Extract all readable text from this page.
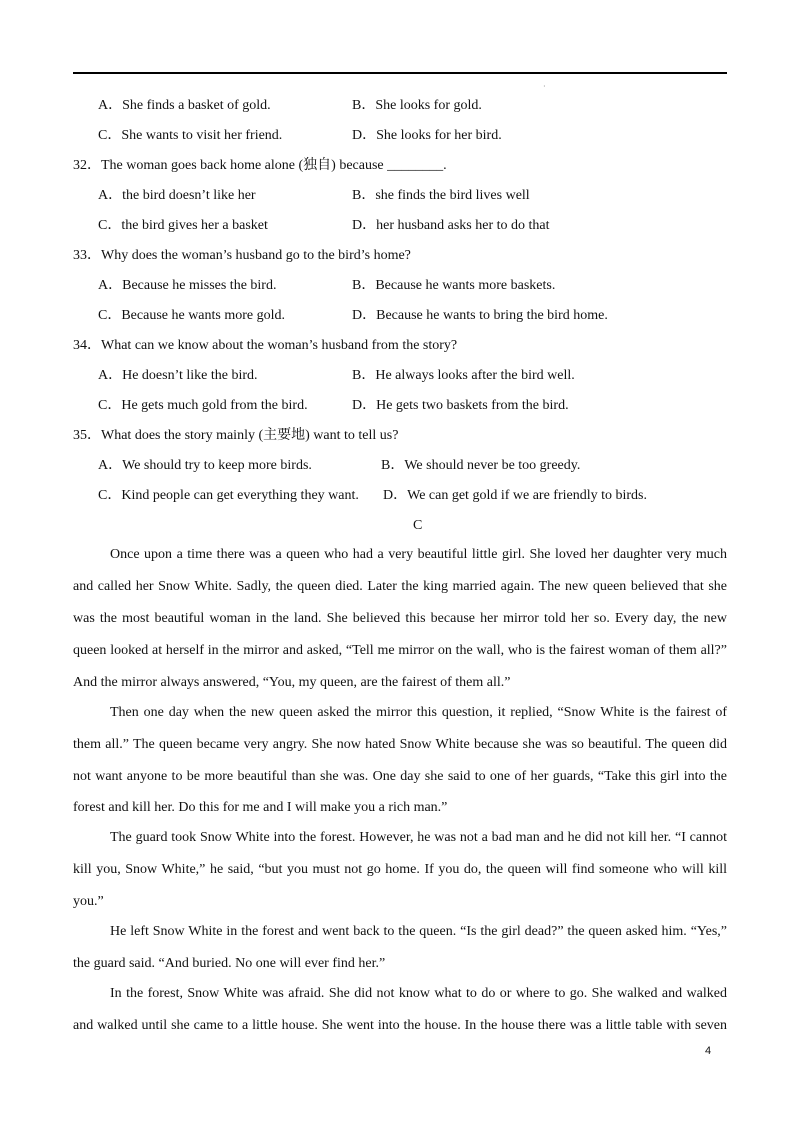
·
A．She finds a basket of gold.	B．She looks for gold.
C．She wants to visit her friend.	D．She looks for her bird.
32．The woman goes back home alone (独自) because ________.
A．the bird doesn’t like her	B．she finds the bird lives well
C．the bird gives her a basket	D．her husband asks her to do that
33．Why does the woman’s husband go to the bird’s home?
A．Because he misses the bird.	B．Because he wants more baskets.
C．Because he wants more gold.	D．Because he wants to bring the bird home.
34．What can we know about the woman’s husband from the story?
A．He doesn’t like the bird.	B．He always looks after the bird well.
C．He gets much gold from the bird.	D．He gets two baskets from the bird.
35．What does the story mainly (主要地) want to tell us?
A．We should try to keep more birds.	B．We should never be too greedy.
C．Kind people can get everything they want. D．We can get gold if we are friendly to birds.
C
Once upon a time there was a queen who had a very beautiful little girl. She loved her daughter very much
and called her Snow White. Sadly, the queen died. Later the king married again. The new queen believed that she
was the most beautiful woman in the land. She believed this because her mirror told her so. Every day, the new
queen looked at herself in the mirror and asked, “Tell me mirror on the wall, who is the fairest woman of them all?”
And the mirror always answered, “You, my queen, are the fairest of them all.”
Then one day when the new queen asked the mirror this question, it replied, “Snow White is the fairest of
them all.” The queen became very angry. She now hated Snow White because she was so beautiful. The queen did
not want anyone to be more beautiful than she was. One day she said to one of her guards, “Take this girl into the
forest and kill her. Do this for me and I will make you a rich man.”
The guard took Snow White into the forest. However, he was not a bad man and he did not kill her. “I cannot
kill you, Snow White,” he said, “but you must not go home. If you do, the queen will find someone who will kill
you.”
He left Snow White in the forest and went back to the queen. “Is the girl dead?” the queen asked him. “Yes,”
the guard said. “And buried. No one will ever find her.”
In the forest, Snow White was afraid. She did not know what to do or where to go. She walked and walked
and walked until she came to a little house. She went into the house. In the house there was a little table with seven
4
